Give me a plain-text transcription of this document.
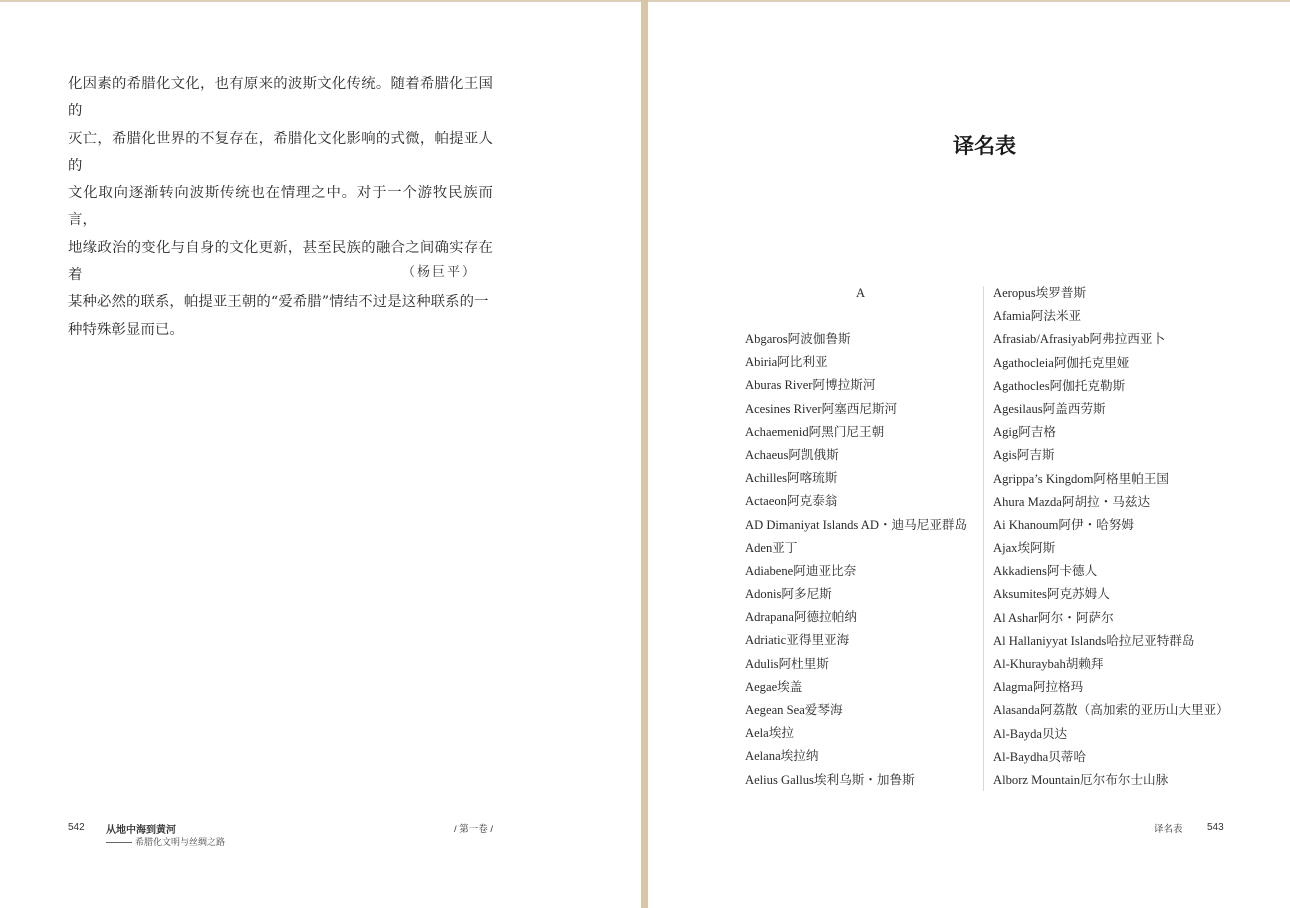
化因素的希腊化文化，也有原来的波斯文化传统。随着希腊化王国的
灭亡，希腊化世界的不复存在，希腊化文化影响的式微，帕提亚人的
文化取向逐渐转向波斯传统也在情理之中。对于一个游牧民族而言，
地缘政治的变化与自身的文化更新，甚至民族的融合之间确实存在着
某种必然的联系，帕提亚王朝的“爱希腊”情结不过是这种联系的一
种特殊彰显而已。
（杨巨平）
542 从地中海到黄河
希腊化文明与丝绸之路
/ 第一卷 /
译名表
A
Abgaros阿波伽鲁斯
Abiria阿比利亚
Aburas River阿博拉斯河
Acesines River阿塞西尼斯河
Achaemenid阿黑门尼王朝
Achaeus阿凯俄斯
Achilles阿喀琉斯
Actaeon阿克泰翁
AD Dimaniyat Islands AD・迪马尼亚群岛
Aden亚丁
Adiabene阿迪亚比奈
Adonis阿多尼斯
Adrapana阿德拉帕纳
Adriatic亚得里亚海
Adulis阿杜里斯
Aegae埃盖
Aegean Sea爱琴海
Aela埃拉
Aelana埃拉纳
Aelius Gallus埃利乌斯・加鲁斯
Aeropus埃罗普斯
Afamia阿法米亚
Afrasiab/Afrasiyab阿弗拉西亚卜
Agathocleia阿伽托克里娅
Agathocles阿伽托克勒斯
Agesilaus阿盖西劳斯
Agig阿吉格
Agis阿吉斯
Agrippa’s Kingdom阿格里帕王国
Ahura Mazda阿胡拉・马兹达
Ai Khanoum阿伊・哈努姆
Ajax埃阿斯
Akkadiens阿卡德人
Aksumites阿克苏姆人
Al Ashar阿尔・阿萨尔
Al Hallaniyyat Islands哈拉尼亚特群岛
Al-Khuraybah胡赖拜
Alagma阿拉格玛
Alasanda阿荔散（高加索的亚历山大里亚）
Al-Bayda贝达
Al-Baydha贝蒂哈
Alborz Mountain厄尔布尔士山脉
译名表 543
